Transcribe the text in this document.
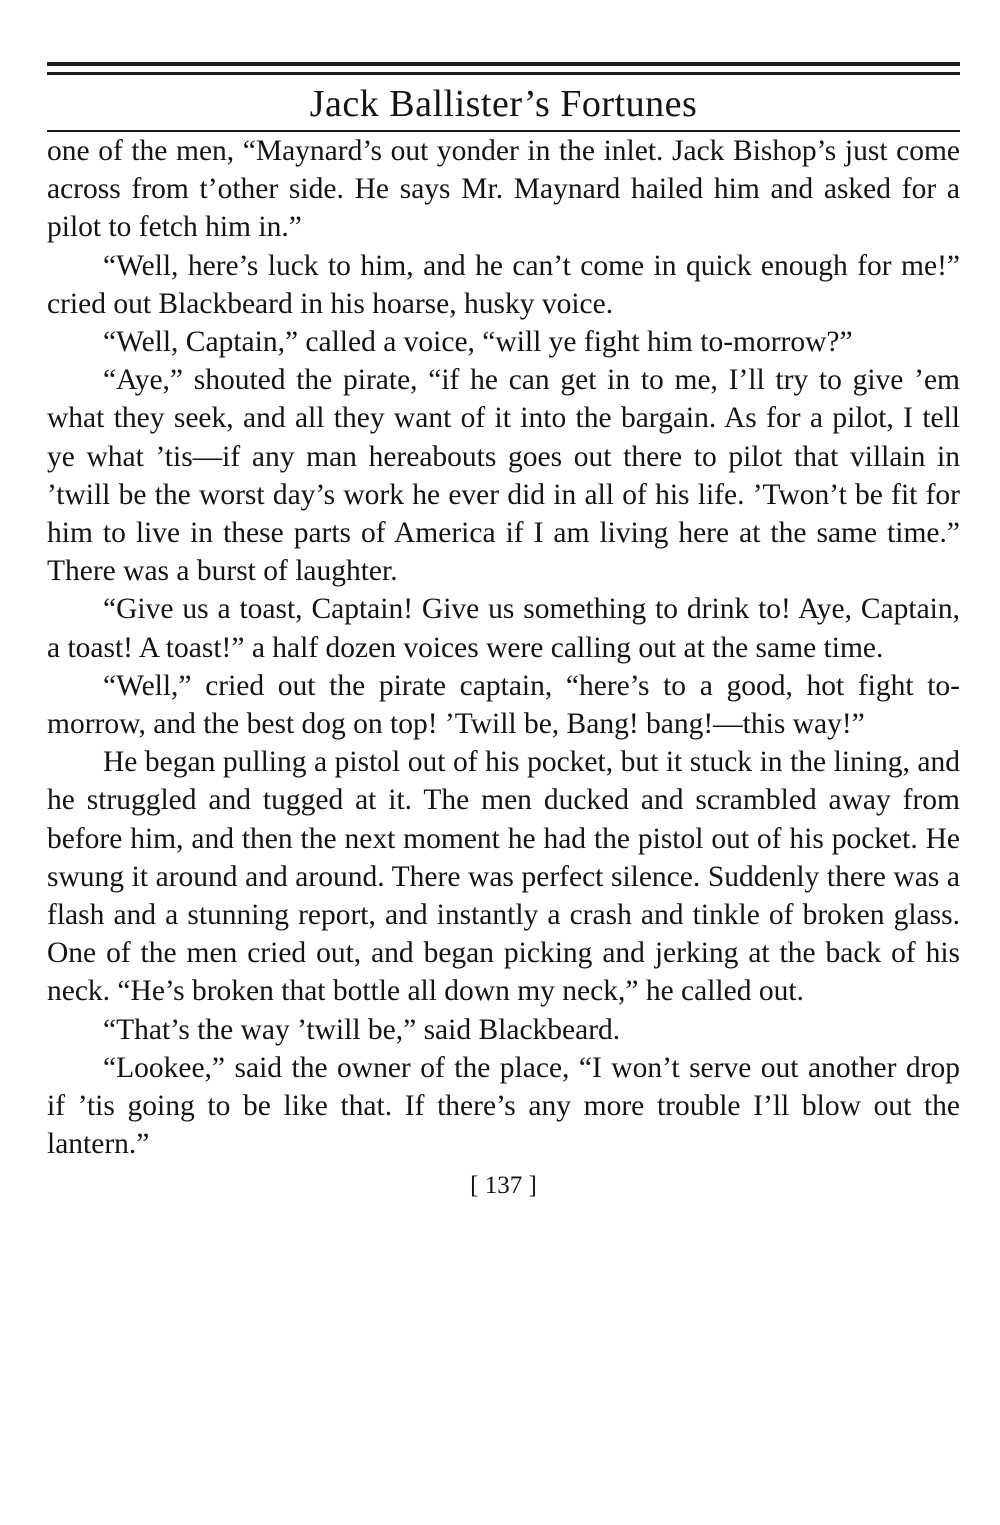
Jack Ballister’s Fortunes

one of the men, “Maynard’s out yonder in the inlet. Jack Bishop’s just come across from t’other side. He says Mr. Maynard hailed him and asked for a pilot to fetch him in.”

“Well, here’s luck to him, and he can’t come in quick enough for me!” cried out Blackbeard in his hoarse, husky voice.

“Well, Captain,” called a voice, “will ye fight him to-morrow?”

“Aye,” shouted the pirate, “if he can get in to me, I’ll try to give ’em what they seek, and all they want of it into the bargain. As for a pilot, I tell ye what ’tis—if any man hereabouts goes out there to pilot that villain in ’twill be the worst day’s work he ever did in all of his life. ’Twon’t be fit for him to live in these parts of America if I am living here at the same time.” There was a burst of laughter.

“Give us a toast, Captain! Give us something to drink to! Aye, Captain, a toast! A toast!” a half dozen voices were calling out at the same time.

“Well,” cried out the pirate captain, “here’s to a good, hot fight to-morrow, and the best dog on top! ’Twill be, Bang! bang!—this way!”

He began pulling a pistol out of his pocket, but it stuck in the lining, and he struggled and tugged at it. The men ducked and scrambled away from before him, and then the next moment he had the pistol out of his pocket. He swung it around and around. There was perfect silence. Suddenly there was a flash and a stunning report, and instantly a crash and tinkle of broken glass. One of the men cried out, and began picking and jerking at the back of his neck. “He’s broken that bottle all down my neck,” he called out.

“That’s the way ’twill be,” said Blackbeard.

“Lookee,” said the owner of the place, “I won’t serve out another drop if ’tis going to be like that. If there’s any more trouble I’ll blow out the lantern.”

[ 137 ]
